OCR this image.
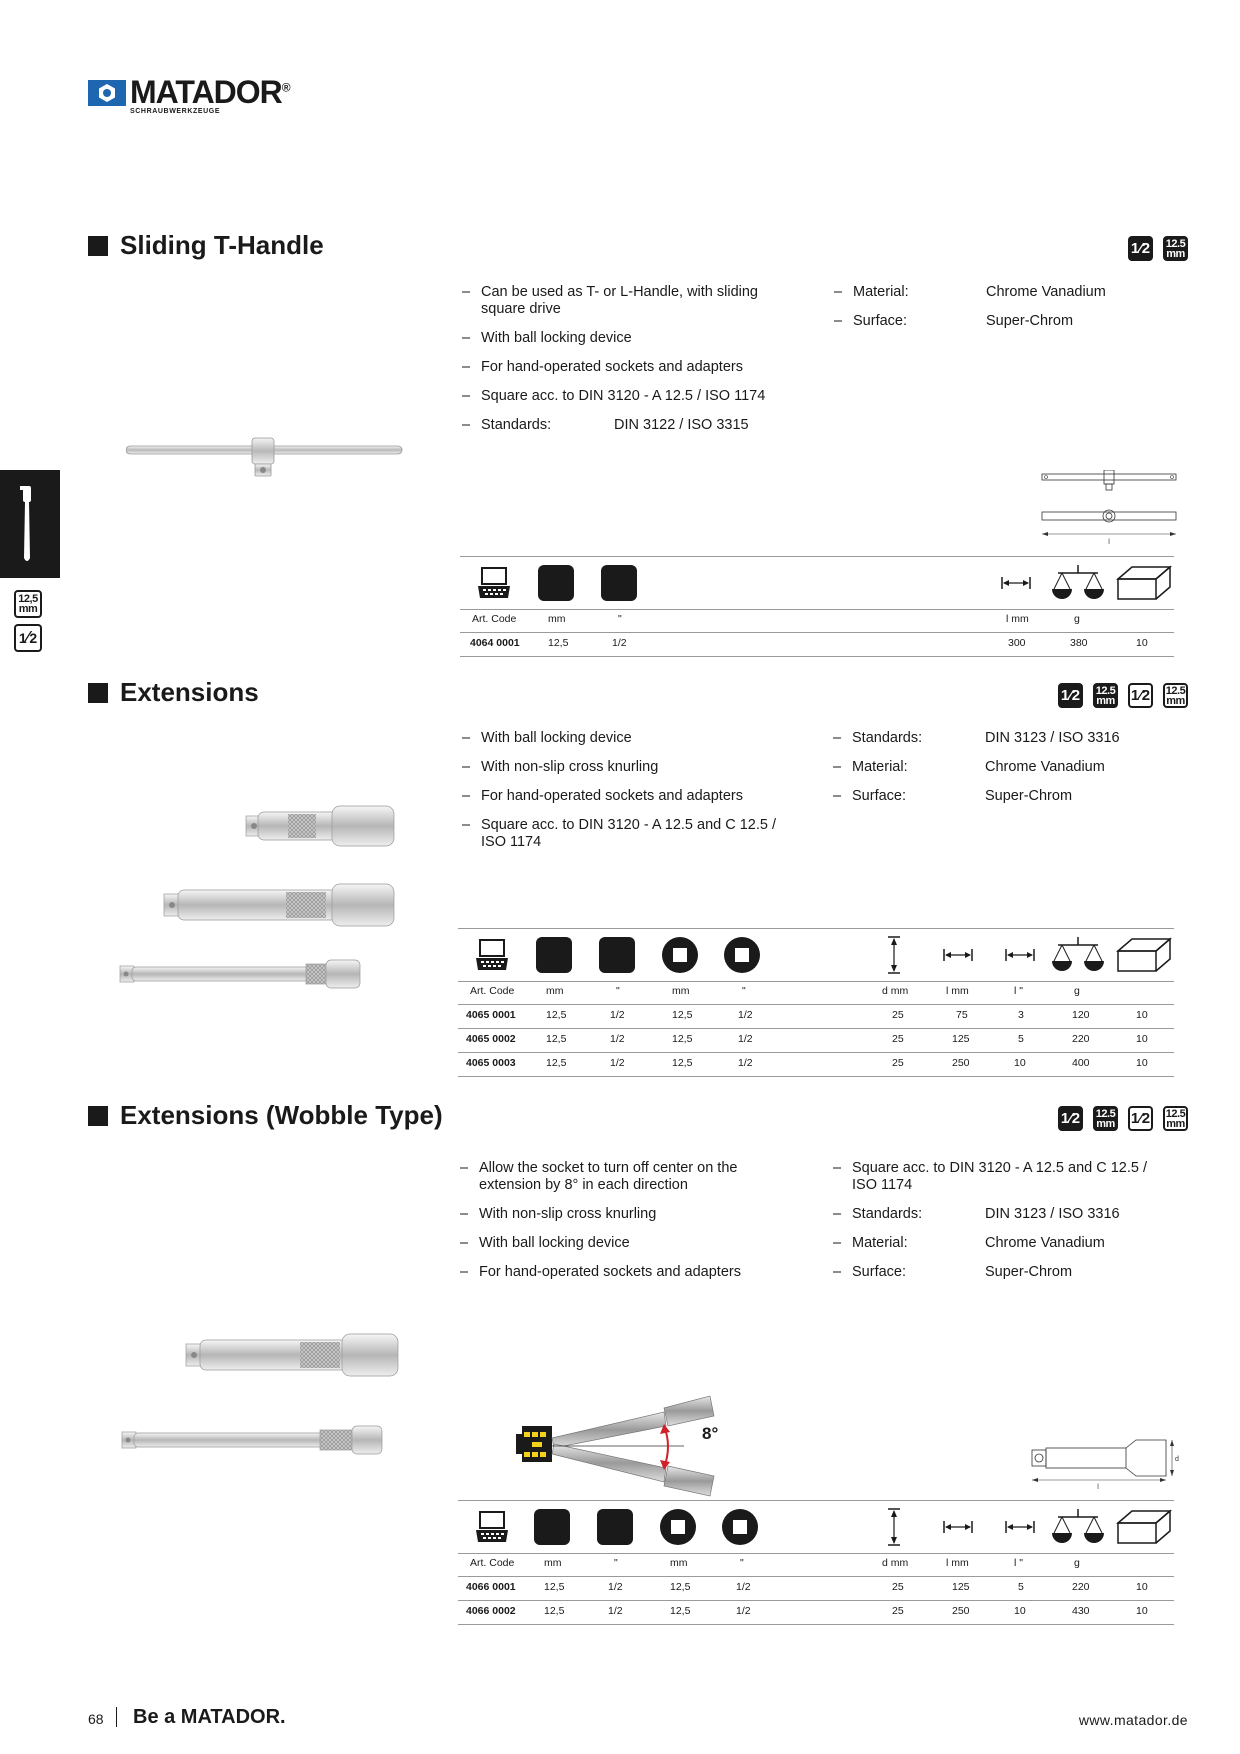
MATADOR®
SCHRAUBWERKZEUGE
12,5
mm
1 ⁄ 2
Sliding T-Handle	1 ⁄ 2 12.5
mm
– Can be used as T- or L-Handle, with sliding square drive
– With ball locking device
– For hand-operated sockets and adapters
– Square acc. to DIN 3120 - A 12.5 / ISO 1174
– Standards:	DIN 3122 / ISO 3315
– Material:	Chrome Vanadium
– Surface:	Super-Chrom
l
Art. Code	mm	"	l mm	g
4064 0001	12,5	1/2	300	380	10
Extensions	1 ⁄ 2 12.5
mm 1 ⁄ 2 12.5
mm
– With ball locking device
– With non-slip cross knurling
– For hand-operated sockets and adapters
– Square acc. to DIN 3120 - A 12.5 and C 12.5 / ISO 1174
– Standards:	DIN 3123 / ISO 3316
– Material:	Chrome Vanadium
– Surface:	Super-Chrom
Art. Code	mm	"	mm	"	d mm	l mm	l "	g
4065 0001	12,5	1/2	12,5	1/2	25	75	3	120	10
4065 0002	12,5	1/2	12,5	1/2	25	125	5	220	10
4065 0003	12,5	1/2	12,5	1/2	25	250	10	400	10
Extensions (Wobble Type)	1 ⁄ 2 12.5
mm 1 ⁄ 2 12.5
mm
– Allow the socket to turn off center on the extension by 8° in each direction
– With non-slip cross knurling
– With ball locking device
– For hand-operated sockets and adapters
– Square acc. to DIN 3120 - A 12.5 and C 12.5 / ISO 1174
– Standards:	DIN 3123 / ISO 3316
– Material:	Chrome Vanadium
– Surface:	Super-Chrom
8°
l
d
Art. Code	mm	"	mm	"	d mm	l mm	l "	g
4066 0001	12,5	1/2	12,5	1/2	25	125	5	220	10
4066 0002	12,5	1/2	12,5	1/2	25	250	10	430	10
68 Be a MATADOR.	www.matador.de
